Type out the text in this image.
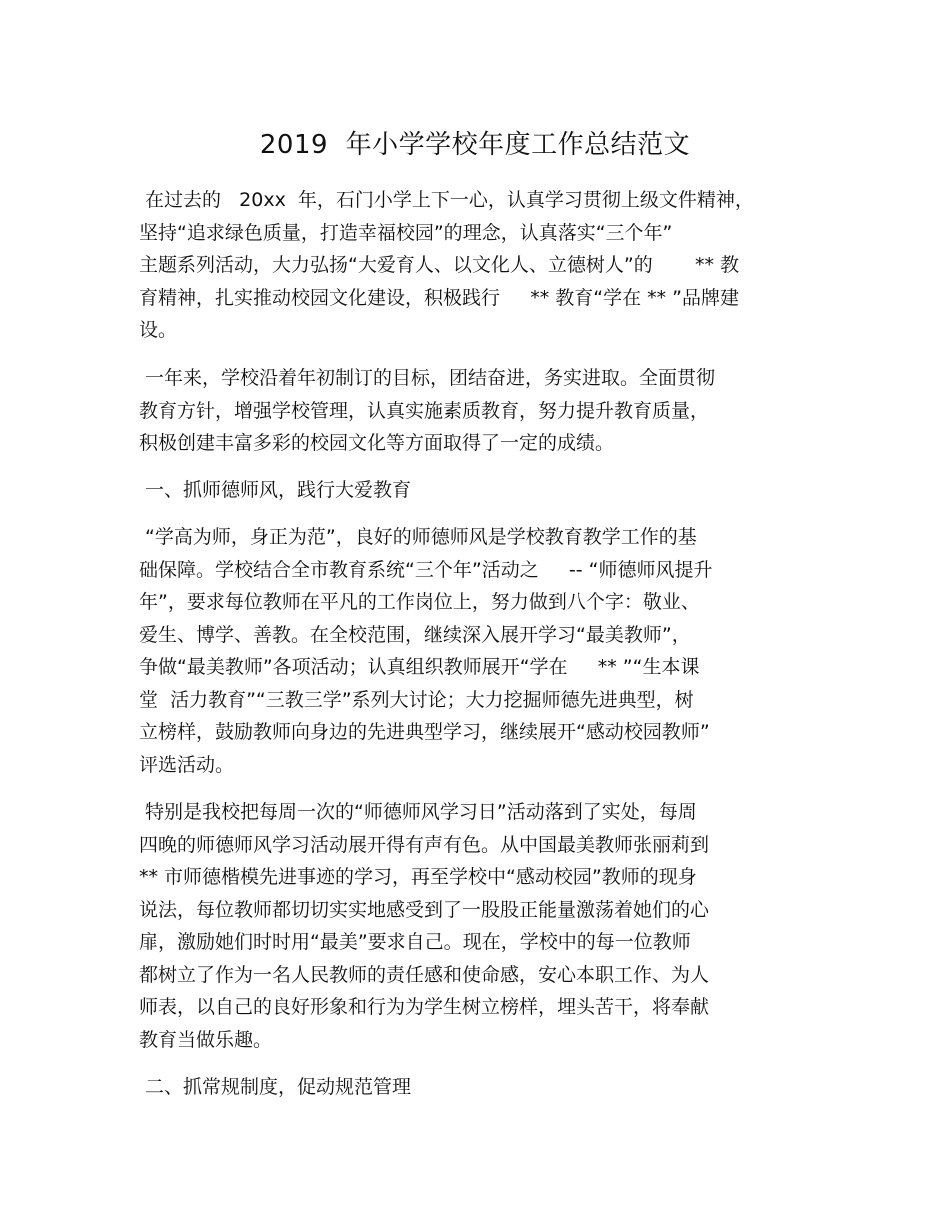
2019  年小学学校年度工作总结范文
在过去的   20xx  年，石门小学上下一心，认真学习贯彻上级文件精神，
坚持“追求绿色质量，打造幸福校园”的理念，认真落实“三个年”
主题系列活动，大力弘扬“大爱育人、以文化人、立德树人”的       ** 教
育精神，扎实推动校园文化建设，积极践行     ** 教育“学在 ** ”品牌建
设。
一年来，学校沿着年初制订的目标，团结奋进，务实进取。全面贯彻
教育方针，增强学校管理，认真实施素质教育，努力提升教育质量，
积极创建丰富多彩的校园文化等方面取得了一定的成绩。
一、抓师德师风，践行大爱教育
“学高为师，身正为范”，良好的师德师风是学校教育教学工作的基
础保障。学校结合全市教育系统“三个年”活动之     -- “师德师风提升
年”，要求每位教师在平凡的工作岗位上，努力做到八个字：敬业、
爱生、博学、善教。在全校范围，继续深入展开学习“最美教师”，
争做“最美教师”各项活动；认真组织教师展开“学在     ** ”“生本课
堂  活力教育”“三教三学”系列大讨论；大力挖掘师德先进典型，树
立榜样，鼓励教师向身边的先进典型学习，继续展开“感动校园教师”
评选活动。
特别是我校把每周一次的“师德师风学习日”活动落到了实处，每周
四晚的师德师风学习活动展开得有声有色。从中国最美教师张丽莉到
** 市师德楷模先进事迹的学习，再至学校中“感动校园”教师的现身
说法，每位教师都切切实实地感受到了一股股正能量激荡着她们的心
扉，激励她们时时用“最美”要求自己。现在，学校中的每一位教师
都树立了作为一名人民教师的责任感和使命感，安心本职工作、为人
师表，以自己的良好形象和行为为学生树立榜样，埋头苦干，将奉献
教育当做乐趣。
二、抓常规制度，促动规范管理
